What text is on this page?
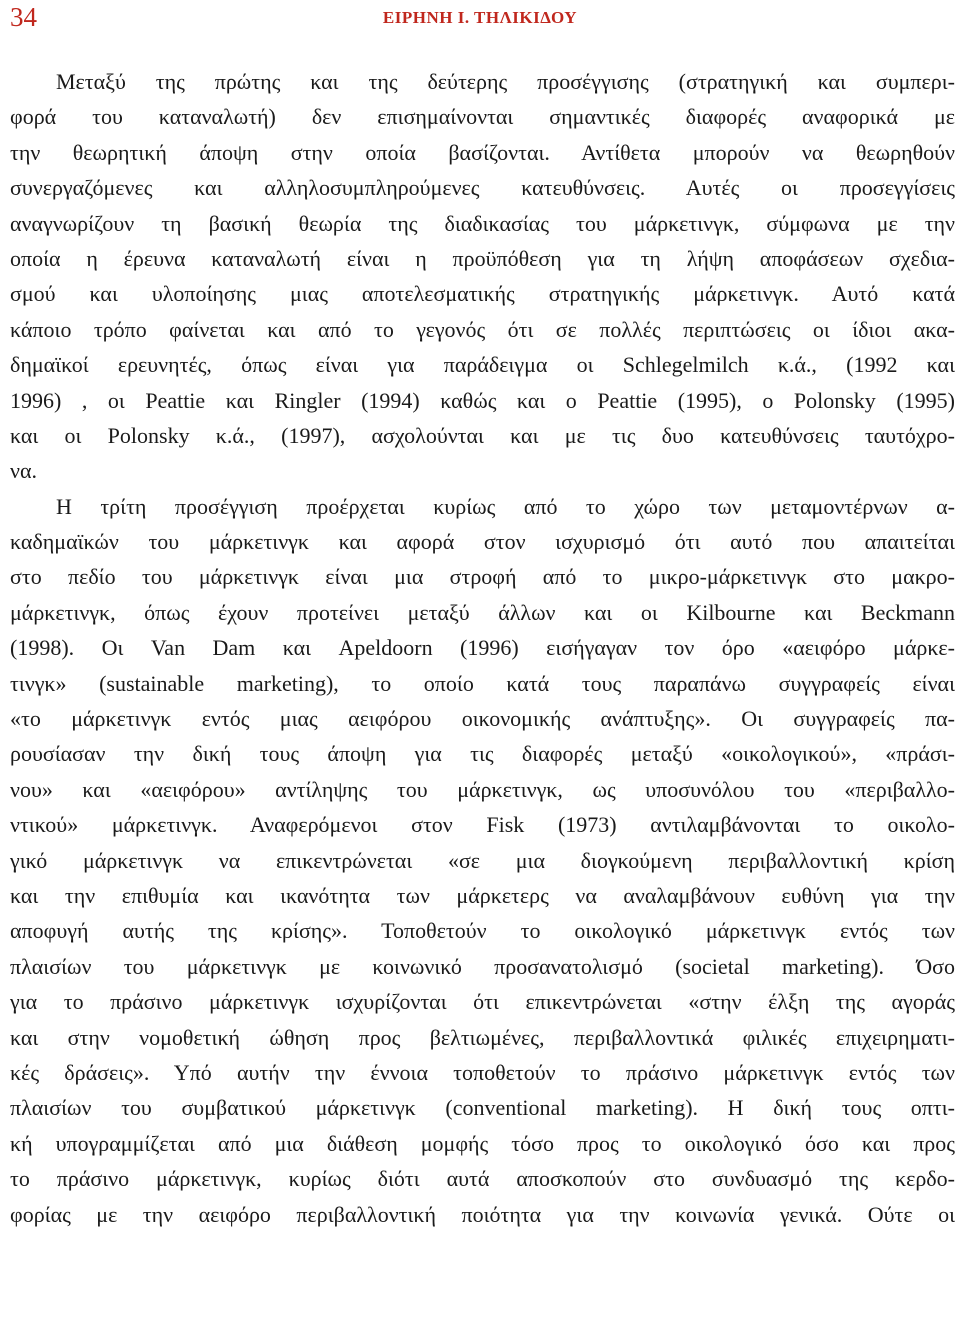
34	ΕΙΡΗΝΗ Ι. ΤΗΛΙΚΙΔΟΥ
Μεταξύ της πρώτης και της δεύτερης προσέγγισης (στρατηγική και συμπερι-
φορά του καταναλωτή) δεν επισημαίνονται σημαντικές διαφορές αναφορικά με
την θεωρητική άποψη στην οποία βασίζονται. Αντίθετα μπορούν να θεωρηθούν
συνεργαζόμενες και αλληλοσυμπληρούμενες κατευθύνσεις. Αυτές οι προσεγγίσεις
αναγνωρίζουν τη βασική θεωρία της διαδικασίας του μάρκετινγκ, σύμφωνα με την
οποία η έρευνα καταναλωτή είναι η προϋπόθεση για τη λήψη αποφάσεων σχεδια-
σμού και υλοποίησης μιας αποτελεσματικής στρατηγικής μάρκετινγκ. Αυτό κατά
κάποιο τρόπο φαίνεται και από το γεγονός ότι σε πολλές περιπτώσεις οι ίδιοι ακα-
δημαϊκοί ερευνητές, όπως είναι για παράδειγμα οι Schlegelmilch κ.ά., (1992 και
1996) , οι Peattie και Ringler (1994) καθώς και ο Peattie (1995), ο Polonsky (1995)
και οι Polonsky κ.ά., (1997), ασχολούνται και με τις δυο κατευθύνσεις ταυτόχρο-
να.
Η τρίτη προσέγγιση προέρχεται κυρίως από το χώρο των μεταμοντέρνων α-
καδημαϊκών του μάρκετινγκ και αφορά στον ισχυρισμό ότι αυτό που απαιτείται
στο πεδίο του μάρκετινγκ είναι μια στροφή από το μικρο-μάρκετινγκ στο μακρο-
μάρκετινγκ, όπως έχουν προτείνει μεταξύ άλλων και οι Kilbourne και Beckmann
(1998). Οι Van Dam και Apeldoorn (1996) εισήγαγαν τον όρο «αειφόρο μάρκε-
τινγκ» (sustainable marketing), το οποίο κατά τους παραπάνω συγγραφείς είναι
«το μάρκετινγκ εντός μιας αειφόρου οικονομικής ανάπτυξης». Οι συγγραφείς πα-
ρουσίασαν την δική τους άποψη για τις διαφορές μεταξύ «οικολογικού», «πράσι-
νου» και «αειφόρου» αντίληψης του μάρκετινγκ, ως υποσυνόλου του «περιβαλλο-
ντικού» μάρκετινγκ. Αναφερόμενοι στον Fisk (1973) αντιλαμβάνονται το οικολο-
γικό μάρκετινγκ να επικεντρώνεται «σε μια διογκούμενη περιβαλλοντική κρίση
και την επιθυμία και ικανότητα των μάρκετερς να αναλαμβάνουν ευθύνη για την
αποφυγή αυτής της κρίσης». Τοποθετούν το οικολογικό μάρκετινγκ εντός των
πλαισίων του μάρκετινγκ με κοινωνικό προσανατολισμό (societal marketing). Όσο
για το πράσινο μάρκετινγκ ισχυρίζονται ότι επικεντρώνεται «στην έλξη της αγοράς
και στην νομοθετική ώθηση προς βελτιωμένες, περιβαλλοντικά φιλικές επιχειρηματι-
κές δράσεις». Υπό αυτήν την έννοια τοποθετούν το πράσινο μάρκετινγκ εντός των
πλαισίων του συμβατικού μάρκετινγκ (conventional marketing). Η δική τους οπτι-
κή υπογραμμίζεται από μια διάθεση μομφής τόσο προς το οικολογικό όσο και προς
το πράσινο μάρκετινγκ, κυρίως διότι αυτά αποσκοπούν στο συνδυασμό της κερδο-
φορίας με την αειφόρο περιβαλλοντική ποιότητα για την κοινωνία γενικά. Ούτε οι
